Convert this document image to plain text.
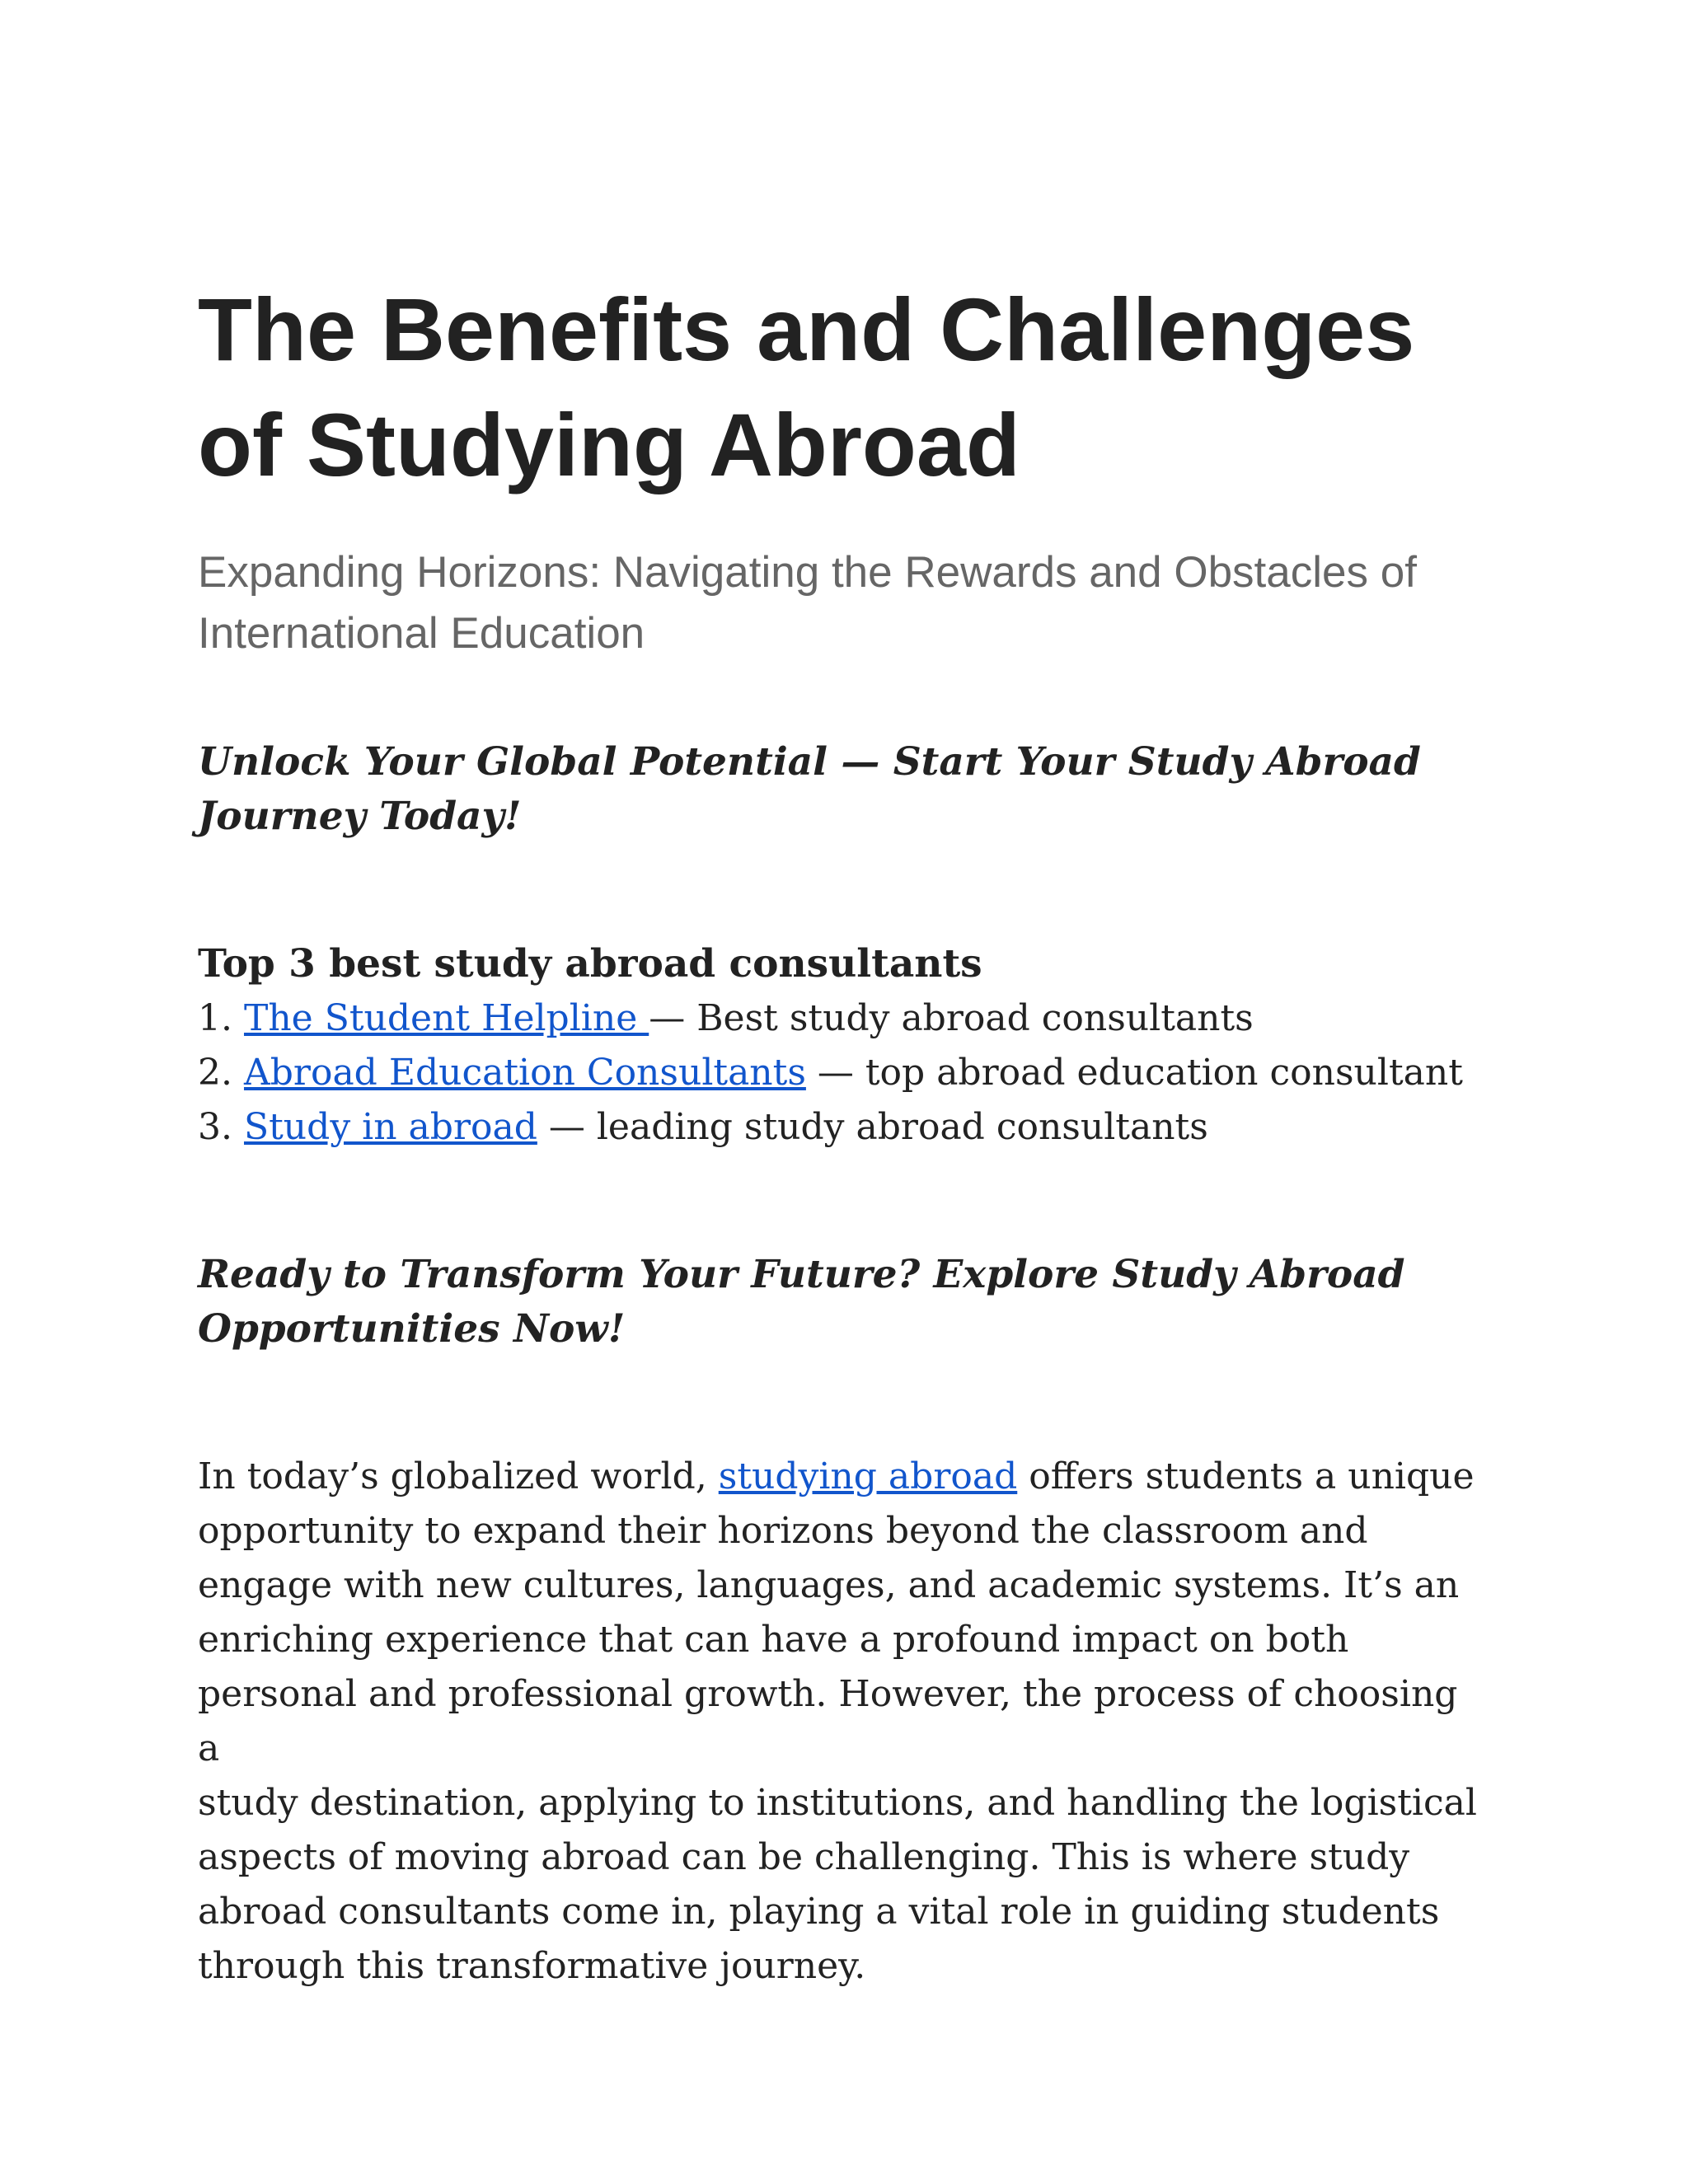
The Benefits and Challenges
of Studying Abroad

Expanding Horizons: Navigating the Rewards and Obstacles of International Education

Unlock Your Global Potential — Start Your Study Abroad
Journey Today!

Top 3 best study abroad consultants

1. The Student Helpline — Best study abroad consultants
2. Abroad Education Consultants — top abroad education consultant
3. Study in abroad — leading study abroad consultants

Ready to Transform Your Future? Explore Study Abroad
Opportunities Now!

In today’s globalized world, studying abroad offers students a unique
opportunity to expand their horizons beyond the classroom and
engage with new cultures, languages, and academic systems. It’s an
enriching experience that can have a profound impact on both
personal and professional growth. However, the process of choosing a
study destination, applying to institutions, and handling the logistical
aspects of moving abroad can be challenging. This is where study
abroad consultants come in, playing a vital role in guiding students
through this transformative journey.
